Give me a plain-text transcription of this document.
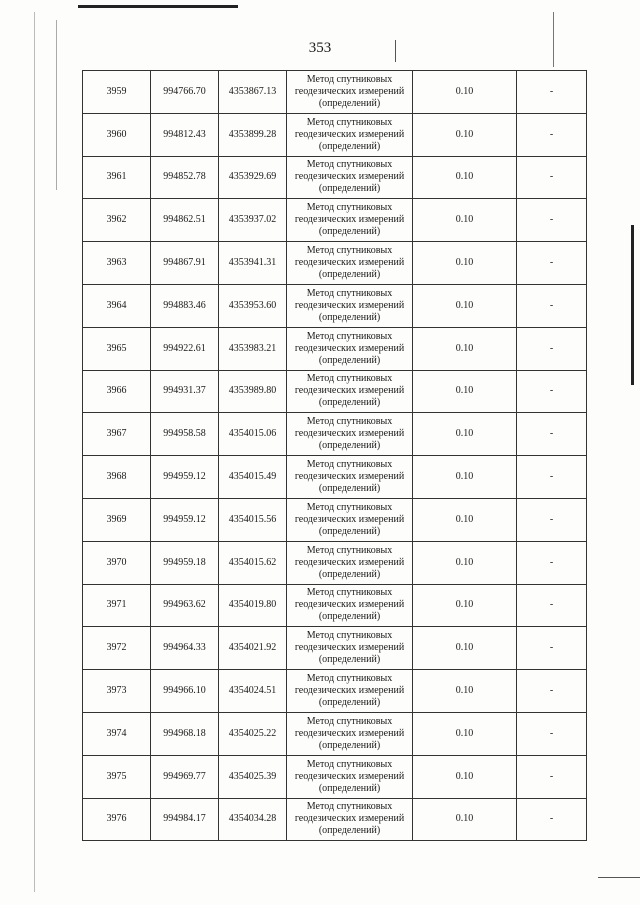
353
3959	994766.70	4353867.13	Метод спутниковых геодезических измерений (определений)	0.10	-
3960	994812.43	4353899.28	Метод спутниковых геодезических измерений (определений)	0.10	-
3961	994852.78	4353929.69	Метод спутниковых геодезических измерений (определений)	0.10	-
3962	994862.51	4353937.02	Метод спутниковых геодезических измерений (определений)	0.10	-
3963	994867.91	4353941.31	Метод спутниковых геодезических измерений (определений)	0.10	-
3964	994883.46	4353953.60	Метод спутниковых геодезических измерений (определений)	0.10	-
3965	994922.61	4353983.21	Метод спутниковых геодезических измерений (определений)	0.10	-
3966	994931.37	4353989.80	Метод спутниковых геодезических измерений (определений)	0.10	-
3967	994958.58	4354015.06	Метод спутниковых геодезических измерений (определений)	0.10	-
3968	994959.12	4354015.49	Метод спутниковых геодезических измерений (определений)	0.10	-
3969	994959.12	4354015.56	Метод спутниковых геодезических измерений (определений)	0.10	-
3970	994959.18	4354015.62	Метод спутниковых геодезических измерений (определений)	0.10	-
3971	994963.62	4354019.80	Метод спутниковых геодезических измерений (определений)	0.10	-
3972	994964.33	4354021.92	Метод спутниковых геодезических измерений (определений)	0.10	-
3973	994966.10	4354024.51	Метод спутниковых геодезических измерений (определений)	0.10	-
3974	994968.18	4354025.22	Метод спутниковых геодезических измерений (определений)	0.10	-
3975	994969.77	4354025.39	Метод спутниковых геодезических измерений (определений)	0.10	-
3976	994984.17	4354034.28	Метод спутниковых геодезических измерений (определений)	0.10	-
